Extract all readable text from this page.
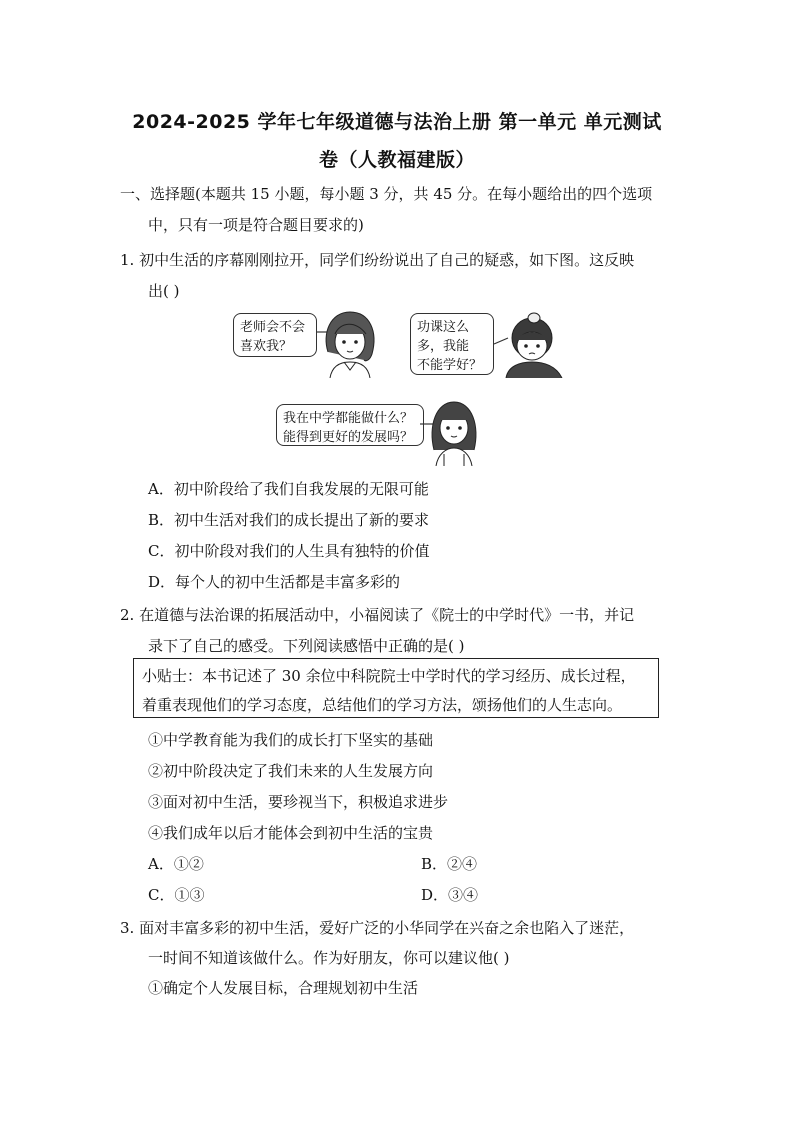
2024-2025 学年七年级道德与法治上册 第一单元 单元测试
卷（人教福建版）
一、选择题(本题共 15 小题，每小题 3 分，共 45 分。在每小题给出的四个选项
中，只有一项是符合题目要求的)
1. 初中生活的序幕刚刚拉开，同学们纷纷说出了自己的疑惑，如下图。这反映
出( )
老师会不会
喜欢我？
功课这么
多，我能
不能学好？
我在中学都能做什么？
能得到更好的发展吗？
A．初中阶段给了我们自我发展的无限可能
B．初中生活对我们的成长提出了新的要求
C．初中阶段对我们的人生具有独特的价值
D．每个人的初中生活都是丰富多彩的
2. 在道德与法治课的拓展活动中，小福阅读了《院士的中学时代》一书，并记
录下了自己的感受。下列阅读感悟中正确的是( )
小贴士：本书记述了 30 余位中科院院士中学时代的学习经历、成长过程，
着重表现他们的学习态度，总结他们的学习方法，颂扬他们的人生志向。
①中学教育能为我们的成长打下坚实的基础
②初中阶段决定了我们未来的人生发展方向
③面对初中生活，要珍视当下，积极追求进步
④我们成年以后才能体会到初中生活的宝贵
A．①②	B．②④
C．①③	D．③④
3. 面对丰富多彩的初中生活，爱好广泛的小华同学在兴奋之余也陷入了迷茫，
一时间不知道该做什么。作为好朋友，你可以建议他( )
①确定个人发展目标，合理规划初中生活
